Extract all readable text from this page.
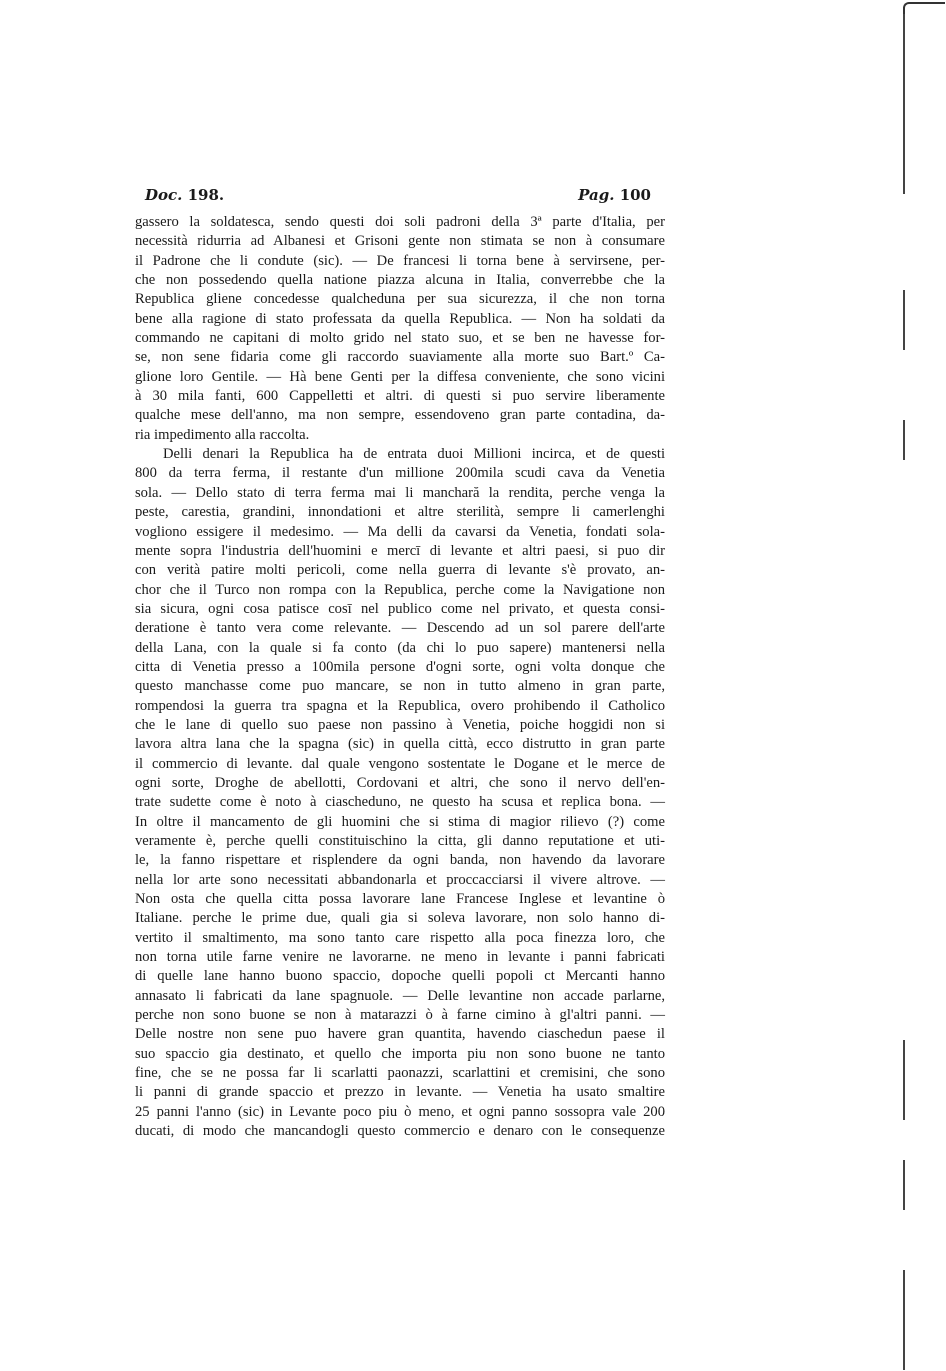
Doc. 198.	Pag. 100
gassero la soldatesca, sendo questi doi soli padroni della 3ª parte d'Italia, per
necessità ridurria ad Albanesi et Grisoni gente non stimata se non à consumare
il Padrone che li condute (sic). — De francesi li torna bene à servirsene, per-
che non possedendo quella natione piazza alcuna in Italia, converrebbe che la
Republica gliene concedesse qualcheduna per sua sicurezza, il che non torna
bene alla ragione di stato professata da quella Republica. — Non ha soldati da
commando ne capitani di molto grido nel stato suo, et se ben ne havesse for-
se, non sene fidaria come gli raccordo suaviamente alla morte suo Bart.º Ca-
glione loro Gentile. — Hà bene Genti per la diffesa conveniente, che sono vicini
à 30 mila fanti, 600 Cappelletti et altri. di questi si puo servire liberamente
qualche mese dell'anno, ma non sempre, essendoveno gran parte contadina, da-
ria impedimento alla raccolta.
Delli denari la Republica ha de entrata duoi Millioni incirca, et de questi
800 da terra ferma, il restante d'un millione 200mila scudi cava da Venetia
sola. — Dello stato di terra ferma mai li manchară la rendita, perche venga la
peste, carestia, grandini, innondationi et altre sterilità, sempre li camerlenghi
vogliono essigere il medesimo. — Ma delli da cavarsi da Venetia, fondati sola-
mente sopra l'industria dell'huomini e mercī di levante et altri paesi, si puo dir
con verità patire molti pericoli, come nella guerra di levante s'è provato, an-
chor che il Turco non rompa con la Republica, perche come la Navigatione non
sia sicura, ogni cosa patisce cosī nel publico come nel privato, et questa consi-
deratione è tanto vera come relevante. — Descendo ad un sol parere dell'arte
della Lana, con la quale si fa conto (da chi lo puo sapere) mantenersi nella
citta di Venetia presso a 100mila persone d'ogni sorte, ogni volta donque che
questo manchasse come puo mancare, se non in tutto almeno in gran parte,
rompendosi la guerra tra spagna et la Republica, overo prohibendo il Catholico
che le lane di quello suo paese non passino à Venetia, poiche hoggidi non si
lavora altra lana che la spagna (sic) in quella città, ecco distrutto in gran parte
il commercio di levante. dal quale vengono sostentate le Dogane et le merce de
ogni sorte, Droghe de abellotti, Cordovani et altri, che sono il nervo dell'en-
trate sudette come è noto à ciascheduno, ne questo ha scusa et replica bona. —
In oltre il mancamento de gli huomini che si stima di magior rilievo (?) come
veramente è, perche quelli constituischino la citta, gli danno reputatione et uti-
le, la fanno rispettare et risplendere da ogni banda, non havendo da lavorare
nella lor arte sono necessitati abbandonarla et proccacciarsi il vivere altrove. —
Non osta che quella citta possa lavorare lane Francese Inglese et levantine ò
Italiane. perche le prime due, quali gia si soleva lavorare, non solo hanno di-
vertito il smaltimento, ma sono tanto care rispetto alla poca finezza loro, che
non torna utile farne venire ne lavorarne. ne meno in levante i panni fabricati
di quelle lane hanno buono spaccio, dopoche quelli popoli ct Mercanti hanno
annasato li fabricati da lane spagnuole. — Delle levantine non accade parlarne,
perche non sono buone se non à matarazzi ò à farne cimino à gl'altri panni. —
Delle nostre non sene puo havere gran quantita, havendo ciaschedun paese il
suo spaccio gia destinato, et quello che importa piu non sono buone ne tanto
fine, che se ne possa far li scarlatti paonazzi, scarlattini et cremisini, che sono
li panni di grande spaccio et prezzo in levante. — Venetia ha usato smaltire
25 panni l'anno (sic) in Levante poco piu ò meno, et ogni panno sossopra vale 200
ducati, di modo che mancandogli questo commercio e denaro con le consequenze
